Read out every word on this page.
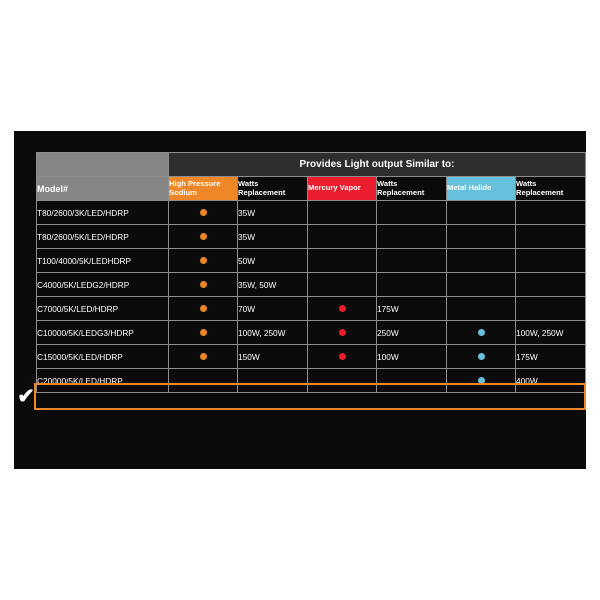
	Provides Light output Similar to:					
Model#	High Pressure Sodium	Watts Replacement	Mercury Vapor	Watts Replacement	Metal Halide	Watts Replacement
T80/2600/3K/LED/HDRP		35W				
T80/2600/5K/LED/HDRP		35W				
T100/4000/5K/LEDHDRP		50W				
C4000/5K/LEDG2/HDRP		35W, 50W				
C7000/5K/LED/HDRP		70W		175W		
C10000/5K/LEDG3/HDRP		100W, 250W		250W		100W, 250W
C15000/5K/LED/HDRP		150W		100W		175W
C20000/5K/LED/HDRP						400W
✔
